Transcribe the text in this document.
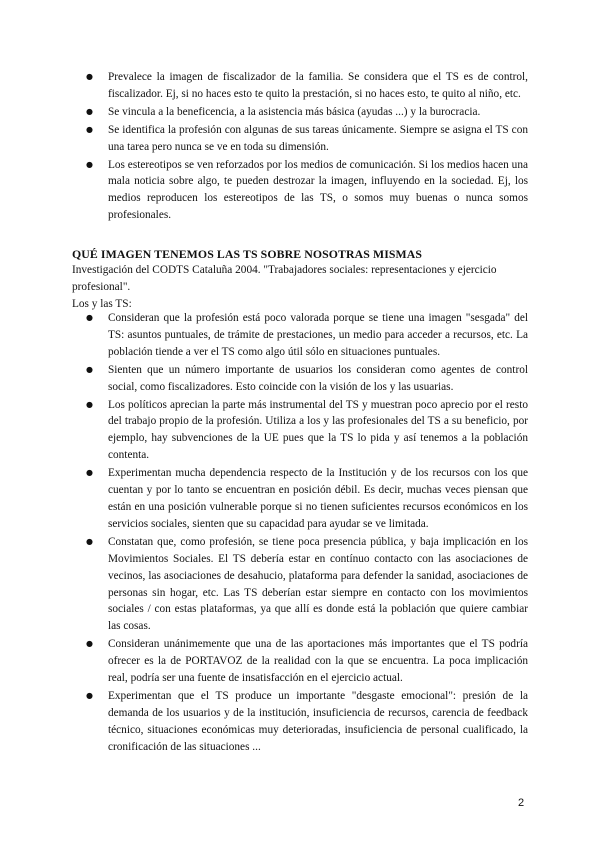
● Prevalece la imagen de fiscalizador de la familia. Se considera que el TS es de control, fiscalizador. Ej, si no haces esto te quito la prestación, si no haces esto, te quito al niño, etc.
● Se vincula a la beneficencia, a la asistencia más básica (ayudas ...) y la burocracia.
● Se identifica la profesión con algunas de sus tareas únicamente. Siempre se asigna el TS con una tarea pero nunca se ve en toda su dimensión.
● Los estereotipos se ven reforzados por los medios de comunicación. Si los medios hacen una mala noticia sobre algo, te pueden destrozar la imagen, influyendo en la sociedad. Ej, los medios reproducen los estereotipos de las TS, o somos muy buenas o nunca somos profesionales.
QUÉ IMAGEN TENEMOS LAS TS SOBRE NOSOTRAS MISMAS

Investigación del CODTS Cataluña 2004. "Trabajadores sociales: representaciones y ejercicio profesional".

Los y las TS:

● Consideran que la profesión está poco valorada porque se tiene una imagen "sesgada" del TS: asuntos puntuales, de trámite de prestaciones, un medio para acceder a recursos, etc. La población tiende a ver el TS como algo útil sólo en situaciones puntuales.
● Sienten que un número importante de usuarios los consideran como agentes de control social, como fiscalizadores. Esto coincide con la visión de los y las usuarias.
● Los políticos aprecian la parte más instrumental del TS y muestran poco aprecio por el resto del trabajo propio de la profesión. Utiliza a los y las profesionales del TS a su beneficio, por ejemplo, hay subvenciones de la UE pues que la TS lo pida y así tenemos a la población contenta.
● Experimentan mucha dependencia respecto de la Institución y de los recursos con los que cuentan y por lo tanto se encuentran en posición débil. Es decir, muchas veces piensan que están en una posición vulnerable porque si no tienen suficientes recursos económicos en los servicios sociales, sienten que su capacidad para ayudar se ve limitada.
● Constatan que, como profesión, se tiene poca presencia pública, y baja implicación en los Movimientos Sociales. El TS debería estar en contínuo contacto con las asociaciones de vecinos, las asociaciones de desahucio, plataforma para defender la sanidad, asociaciones de personas sin hogar, etc. Las TS deberían estar siempre en contacto con los movimientos sociales / con estas plataformas, ya que allí es donde está la población que quiere cambiar las cosas.
● Consideran unánimemente que una de las aportaciones más importantes que el TS podría ofrecer es la de PORTAVOZ de la realidad con la que se encuentra. La poca implicación real, podría ser una fuente de insatisfacción en el ejercicio actual.
● Experimentan que el TS produce un importante "desgaste emocional": presión de la demanda de los usuarios y de la institución, insuficiencia de recursos, carencia de feedback técnico, situaciones económicas muy deterioradas, insuficiencia de personal cualificado, la cronificación de las situaciones ...
2
